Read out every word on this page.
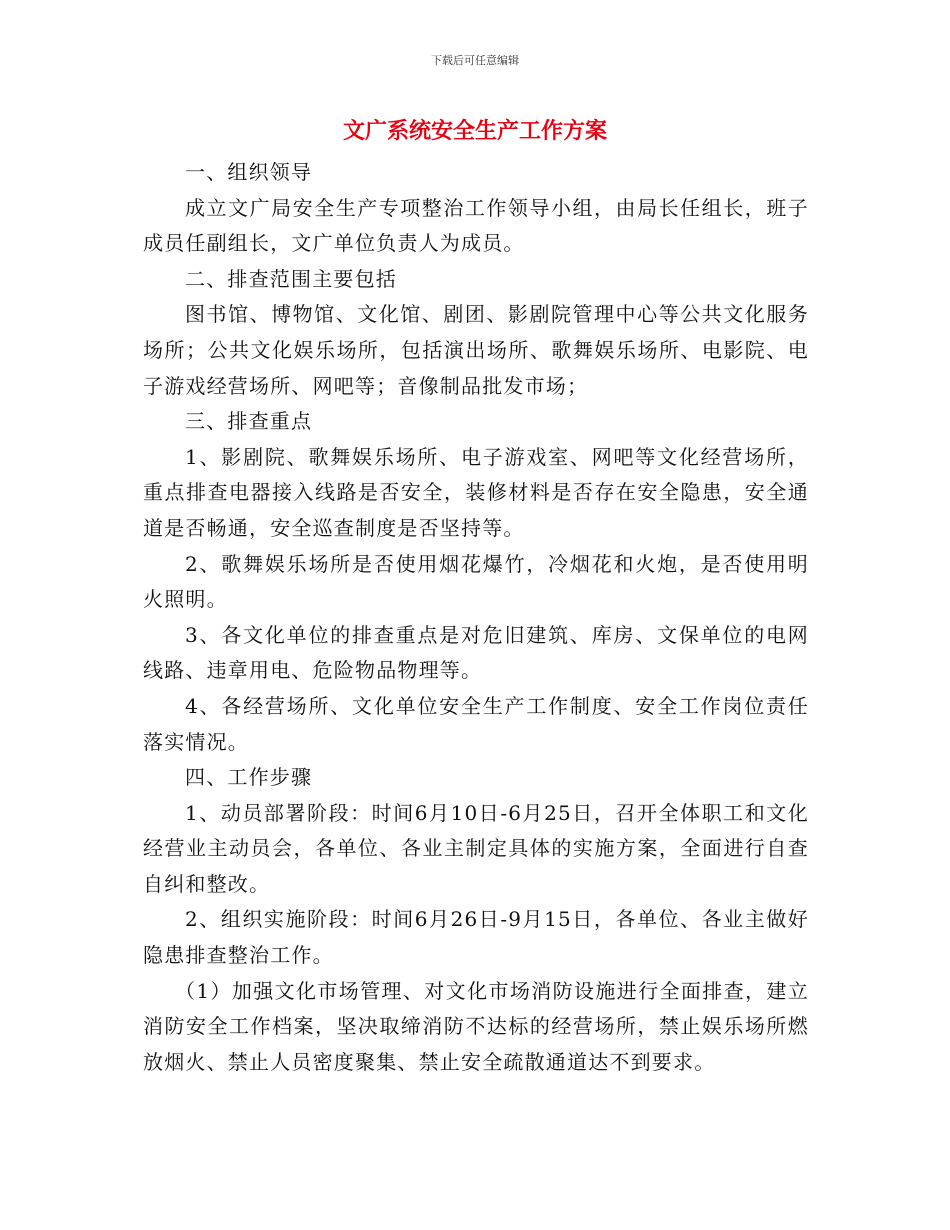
下载后可任意编辑
文广系统安全生产工作方案

一、组织领导

成立文广局安全生产专项整治工作领导小组，由局长任组长，班子成员任副组长，文广单位负责人为成员。

二、排查范围主要包括

图书馆、博物馆、文化馆、剧团、影剧院管理中心等公共文化服务场所；公共文化娱乐场所，包括演出场所、歌舞娱乐场所、电影院、电子游戏经营场所、网吧等；音像制品批发市场；

三、排查重点

1、影剧院、歌舞娱乐场所、电子游戏室、网吧等文化经营场所，重点排查电器接入线路是否安全，装修材料是否存在安全隐患，安全通道是否畅通，安全巡查制度是否坚持等。

2、歌舞娱乐场所是否使用烟花爆竹，冷烟花和火炮，是否使用明火照明。

3、各文化单位的排查重点是对危旧建筑、库房、文保单位的电网线路、违章用电、危险物品物理等。

4、各经营场所、文化单位安全生产工作制度、安全工作岗位责任落实情况。

四、工作步骤

1、动员部署阶段：时间6月10日-6月25日，召开全体职工和文化经营业主动员会，各单位、各业主制定具体的实施方案，全面进行自查自纠和整改。

2、组织实施阶段：时间6月26日-9月15日，各单位、各业主做好隐患排查整治工作。

（1）加强文化市场管理、对文化市场消防设施进行全面排查，建立消防安全工作档案，坚决取缔消防不达标的经营场所，禁止娱乐场所燃放烟火、禁止人员密度聚集、禁止安全疏散通道达不到要求。
